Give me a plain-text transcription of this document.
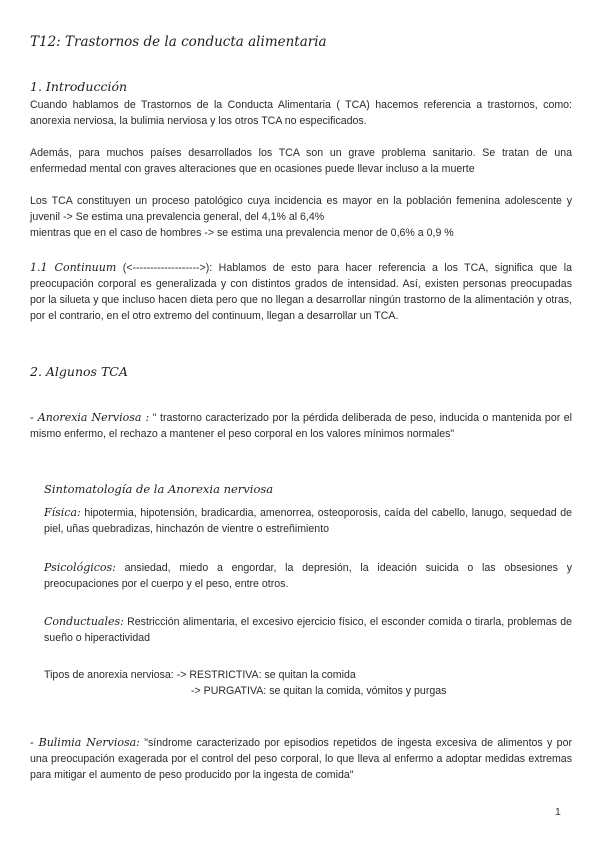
T12: Trastornos de la conducta alimentaria
1. Introducción
Cuando hablamos de Trastornos de la Conducta Alimentaria ( TCA) hacemos referencia a trastornos, como: anorexia nerviosa, la bulimia nerviosa y los otros TCA no especificados.
Además, para muchos países desarrollados los TCA son un grave problema sanitario. Se tratan de una enfermedad mental con graves alteraciones que en ocasiones puede llevar incluso a la muerte
Los TCA constituyen un proceso patológico cuya incidencia es mayor en la población femenina adolescente y juvenil -> Se estima una prevalencia general, del 4,1% al 6,4%
mientras que en el caso de hombres -> se estima una prevalencia menor de 0,6% a 0,9 %
1.1 Continuum (<------------------->): Hablamos de esto para hacer referencia a los TCA, significa que la preocupación corporal es generalizada y con distintos grados de intensidad. Así, existen personas preocupadas por la silueta y que incluso hacen dieta pero que no llegan a desarrollar ningún trastorno de la alimentación y otras, por el contrario, en el otro extremo del continuum, llegan a desarrollar un TCA.
2. Algunos TCA
- Anorexia Nerviosa : " trastorno caracterizado por la pérdida deliberada de peso, inducida o mantenida por el mismo enfermo, el rechazo a mantener el peso corporal en los valores mínimos normales"
Sintomatología de la Anorexia nerviosa
Física: hipotermia, hipotensión, bradicardia, amenorrea, osteoporosis, caída del cabello, lanugo, sequedad de piel, uñas quebradizas, hinchazón de vientre o estreñimiento
Psicológicos: ansiedad, miedo a engordar, la depresión, la ideación suicida o las obsesiones y preocupaciones por el cuerpo y el peso, entre otros.
Conductuales: Restricción alimentaria, el excesivo ejercicio físico, el esconder comida o tirarla, problemas de sueño o hiperactividad
Tipos de anorexia nerviosa: -> RESTRICTIVA: se quitan la comida
-> PURGATIVA: se quitan la comida, vómitos y purgas
- Bulimia Nerviosa: "síndrome caracterizado por episodios repetidos de ingesta excesiva de alimentos y por una preocupación exagerada por el control del peso corporal, lo que lleva al enfermo a adoptar medidas extremas para mitigar el aumento de peso producido por la ingesta de comida"
1
